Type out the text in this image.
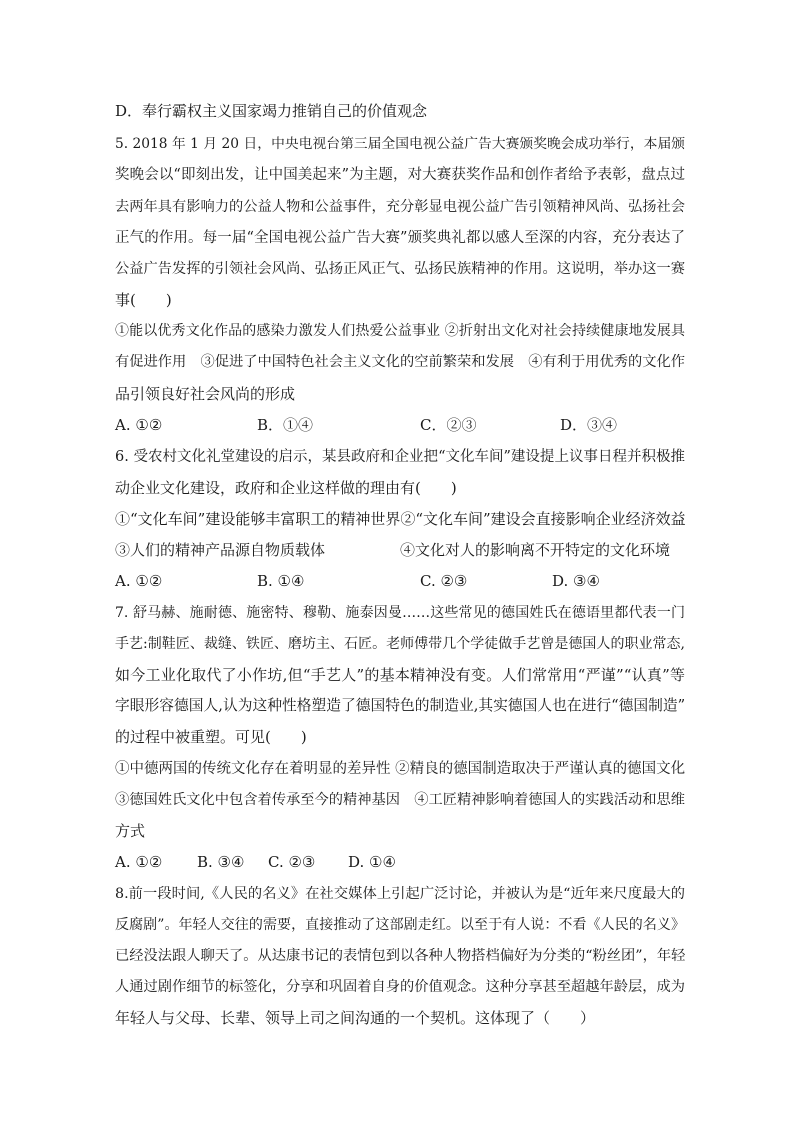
D．奉行霸权主义国家竭力推销自己的价值观念
5. 2018 年 1 月 20 日，中央电视台第三届全国电视公益广告大赛颁奖晚会成功举行，本届颁
奖晚会以“即刻出发，让中国美起来”为主题，对大赛获奖作品和创作者给予表彰，盘点过
去两年具有影响力的公益人物和公益事件，充分彰显电视公益广告引领精神风尚、弘扬社会
正气的作用。每一届“全国电视公益广告大赛”颁奖典礼都以感人至深的内容，充分表达了
公益广告发挥的引领社会风尚、弘扬正风正气、弘扬民族精神的作用。这说明，举办这一赛
事(　　)
①能以优秀文化作品的感染力激发人们热爱公益事业 ②折射出文化对社会持续健康地发展具
有促进作用　③促进了中国特色社会主义文化的空前繁荣和发展　④有利于用优秀的文化作
品引领良好社会风尚的形成
A. ①②	B．①④	C．②③	D．③④
6. 受农村文化礼堂建设的启示，某县政府和企业把“文化车间”建设提上议事日程并积极推
动企业文化建设，政府和企业这样做的理由有(　　)
①“文化车间”建设能够丰富职工的精神世界②“文化车间”建设会直接影响企业经济效益
③人们的精神产品源自物质载体　　　　　④文化对人的影响离不开特定的文化环境
A. ①②	B. ①④	C. ②③	D. ③④
7. 舒马赫、施耐德、施密特、穆勒、施泰因曼……这些常见的德国姓氏在德语里都代表一门
手艺:制鞋匠、裁缝、铁匠、磨坊主、石匠。老师傅带几个学徒做手艺曾是德国人的职业常态,
如今工业化取代了小作坊,但“手艺人”的基本精神没有变。人们常常用“严谨”“认真”等
字眼形容德国人,认为这种性格塑造了德国特色的制造业,其实德国人也在进行“德国制造”
的过程中被重塑。可见(　　)
①中德两国的传统文化存在着明显的差异性 ②精良的德国制造取决于严谨认真的德国文化
③德国姓氏文化中包含着传承至今的精神基因　④工匠精神影响着德国人的实践活动和思维
方式
A. ①② B. ③④ C. ②③ D. ①④
8.前一段时间,《人民的名义》在社交媒体上引起广泛讨论，并被认为是“近年来尺度最大的
反腐剧”。年轻人交往的需要，直接推动了这部剧走红。以至于有人说：不看《人民的名义》
已经没法跟人聊天了。从达康书记的表情包到以各种人物搭档偏好为分类的“粉丝团”，年轻
人通过剧作细节的标签化，分享和巩固着自身的价值观念。这种分享甚至超越年龄层，成为
年轻人与父母、长辈、领导上司之间沟通的一个契机。这体现了（　　）
